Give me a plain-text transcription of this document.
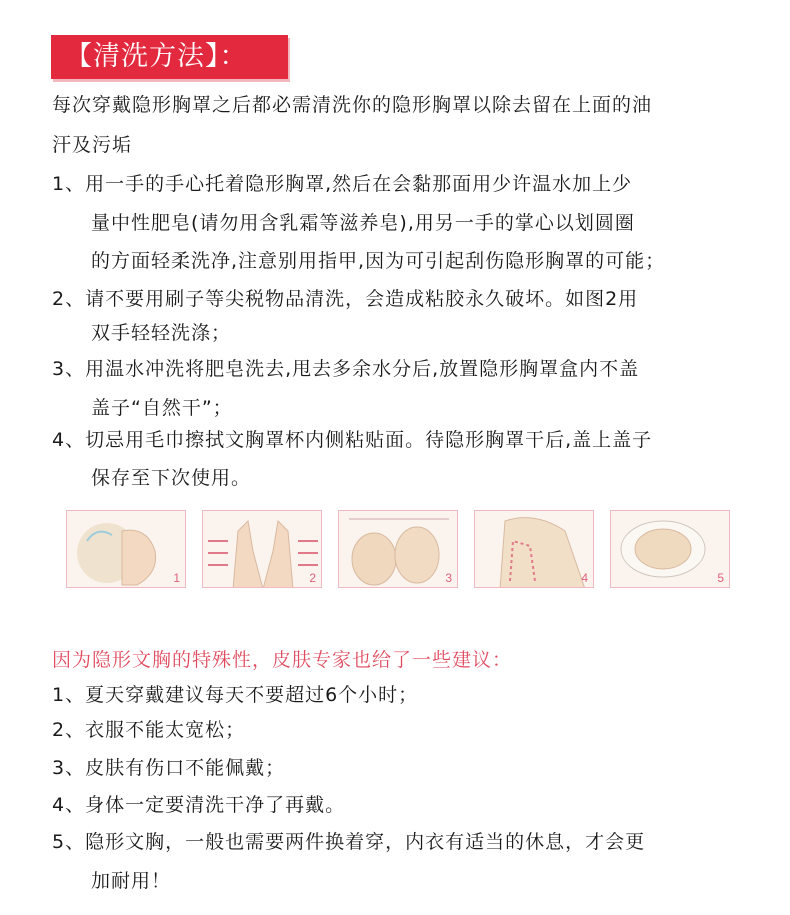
【清洗方法】：
每次穿戴隐形胸罩之后都必需清洗你的隐形胸罩以除去留在上面的油
汗及污垢
1、用一手的手心托着隐形胸罩,然后在会黏那面用少许温水加上少
量中性肥皂(请勿用含乳霜等滋养皂),用另一手的掌心以划圆圈
的方面轻柔洗净,注意别用指甲,因为可引起刮伤隐形胸罩的可能；
2、请不要用刷子等尖税物品清洗，会造成粘胶永久破坏。如图2用
双手轻轻洗涤；
3、用温水冲洗将肥皂洗去,甩去多余水分后,放置隐形胸罩盒内不盖
盖子“自然干”；
4、切忌用毛巾擦拭文胸罩杯内侧粘贴面。待隐形胸罩干后,盖上盖子
保存至下次使用。
1	2	3	4	5
因为隐形文胸的特殊性，皮肤专家也给了一些建议：
1、夏天穿戴建议每天不要超过6个小时；
2、衣服不能太宽松；
3、皮肤有伤口不能佩戴；
4、身体一定要清洗干净了再戴。
5、隐形文胸，一般也需要两件换着穿，内衣有适当的休息，才会更
加耐用！
